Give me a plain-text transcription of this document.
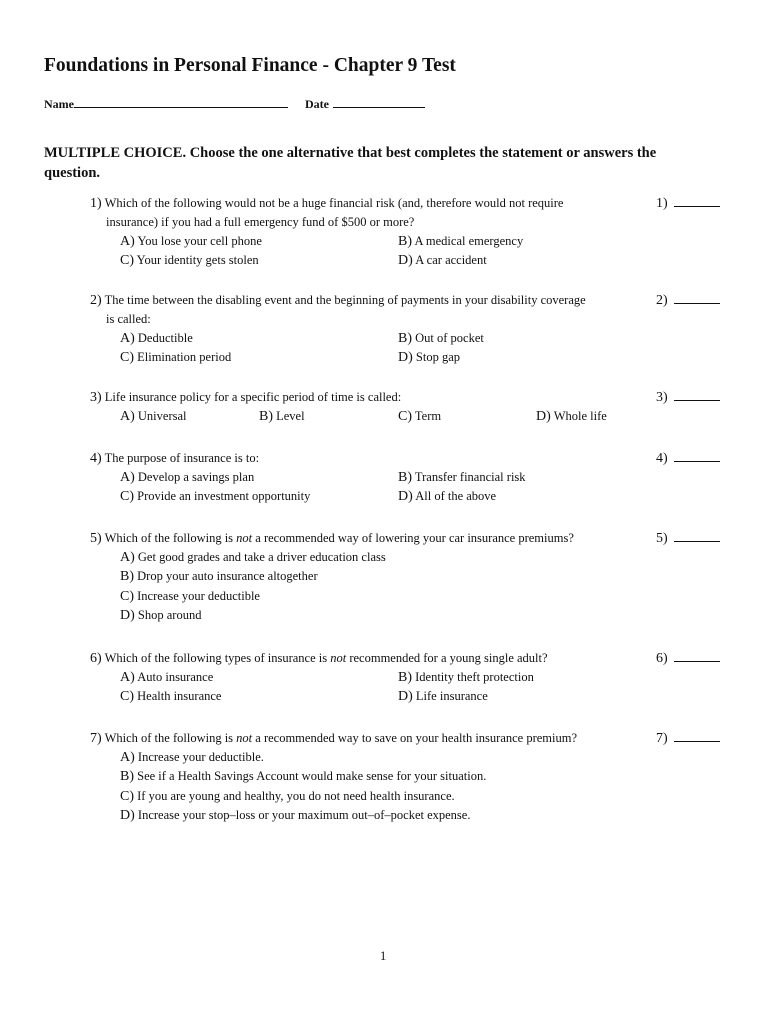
Foundations in Personal Finance - Chapter 9 Test
Name	Date
MULTIPLE CHOICE. Choose the one alternative that best completes the statement or answers the question.

1) Which of the following would not be a huge financial risk (and, therefore would not require
insurance) if you had a full emergency fund of $500 or more?

A) You lose your cell phone	B) A medical emergency
C) Your identity gets stolen	D) A car accident
1)

2) The time between the disabling event and the beginning of payments in your disability coverage
is called:

A) Deductible	B) Out of pocket
C) Elimination period	D) Stop gap
2)

3) Life insurance policy for a specific period of time is called:

A) Universal	B) Level	C) Term	D) Whole life
3)

4) The purpose of insurance is to:

A) Develop a savings plan	B) Transfer financial risk
C) Provide an investment opportunity	D) All of the above
4)

5) Which of the following is not a recommended way of lowering your car insurance premiums?

A) Get good grades and take a driver education class
B) Drop your auto insurance altogether
C) Increase your deductible
D) Shop around
5)

6) Which of the following types of insurance is not recommended for a young single adult?

A) Auto insurance	B) Identity theft protection
C) Health insurance	D) Life insurance
6)

7) Which of the following is not a recommended way to save on your health insurance premium?

A) Increase your deductible.
B) See if a Health Savings Account would make sense for your situation.
C) If you are young and healthy, you do not need health insurance.
D) Increase your stop–loss or your maximum out–of–pocket expense.
7)
1
